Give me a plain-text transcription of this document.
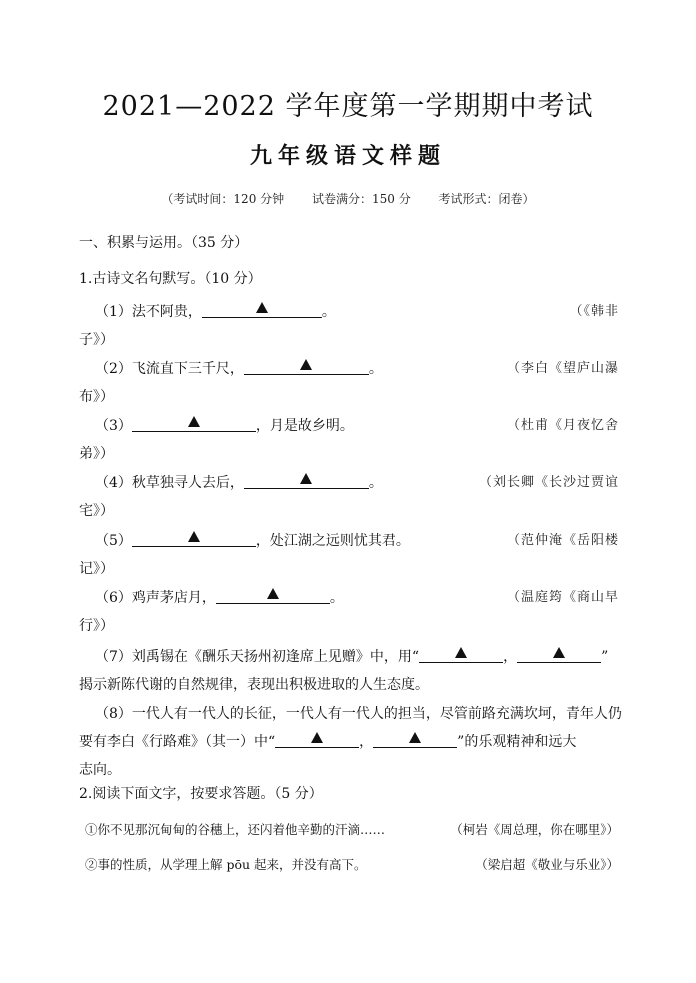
2021—2022 学年度第一学期期中考试
九年级语文样题
（考试时间：120 分钟 试卷满分：150 分 考试形式：闭卷）
一、积累与运用。（35 分）
1.古诗文名句默写。（10 分）
（1）法不阿贵，	。	（《韩非
子》）
（2）飞流直下三千尺，	。	（李白《望庐山瀑
布》）
（3）	，月是故乡明。	（杜甫《月夜忆舍
弟》）
（4）秋草独寻人去后，	。	（刘长卿《长沙过贾谊
宅》）
（5）	，处江湖之远则忧其君。	（范仲淹《岳阳楼
记》）
（6）鸡声茅店月，	。	（温庭筠《商山早
行》）
（7）刘禹锡在《酬乐天扬州初逢席上见赠》中，用“	，	”
揭示新陈代谢的自然规律，表现出积极进取的人生态度。
（8）一代人有一代人的长征，一代人有一代人的担当，尽管前路充满坎坷，青年人仍
要有李白《行路难》（其一）中“	，	”的乐观精神和远大
志向。
2.阅读下面文字，按要求答题。（5 分）
①你不见那沉甸甸的谷穗上，还闪着他辛勤的汗滴……	（柯岩《周总理，你在哪里》）
②事的性质，从学理上解 pōu 起来，并没有高下。	（梁启超《敬业与乐业》）
